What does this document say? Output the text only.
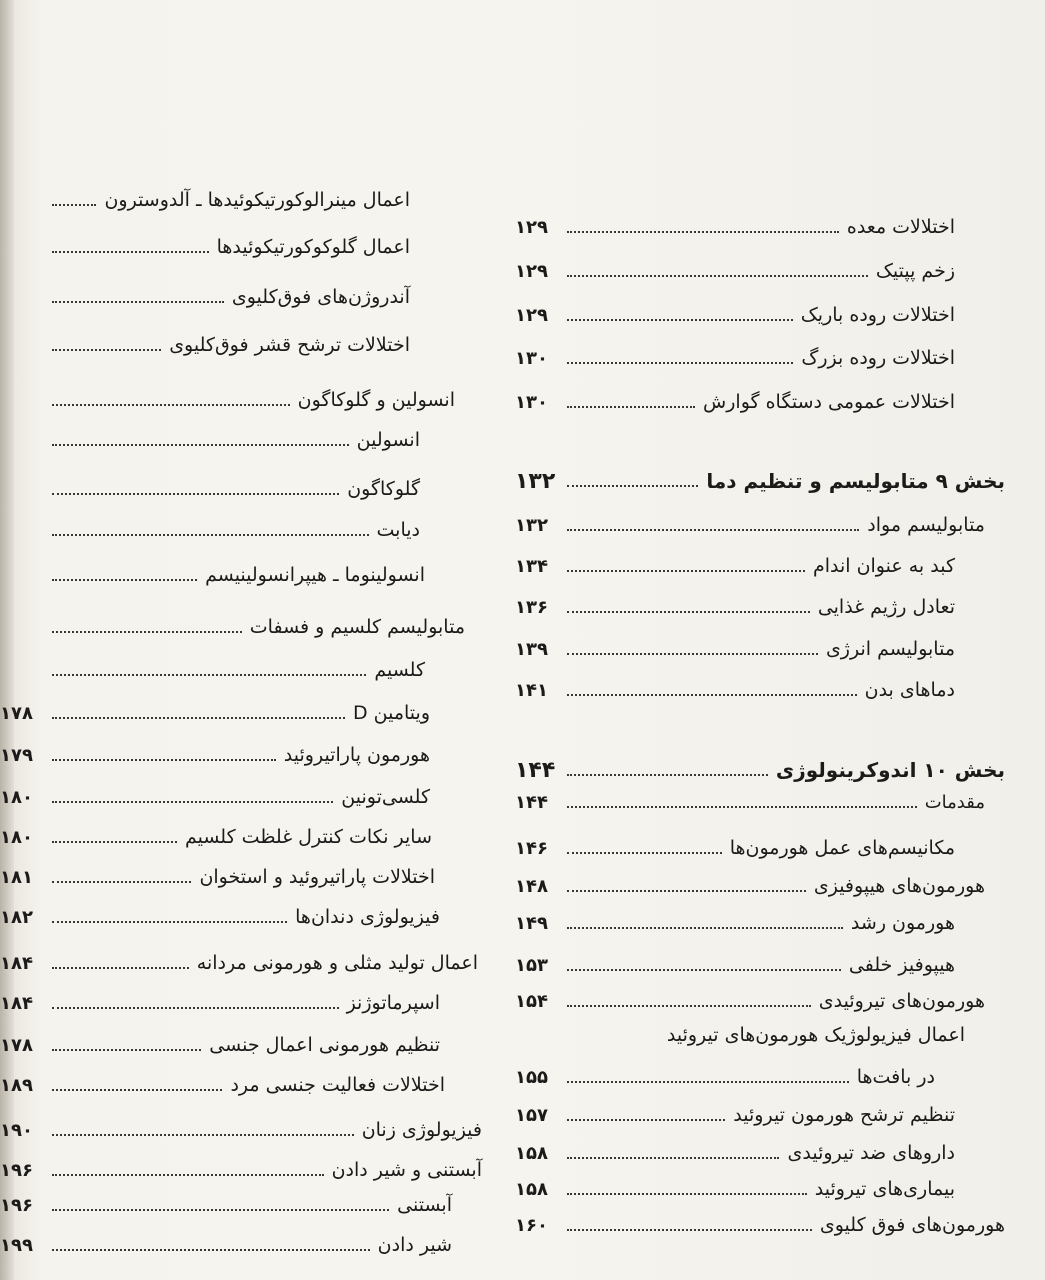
اعمال مینرالوکورتیکوئیدها ـ آلدوسترون
اعمال گلوکوکورتیکوئیدها
آندروژن‌های فوق‌کلیوی
اختلالات ترشح قشر فوق‌کلیوی
انسولین و گلوکاگون
انسولین
گلوکاگون
دیابت
انسولینوما ـ هیپرانسولینیسم
متابولیسم کلسیم و فسفات
کلسیم
ویتامین D
۱۷۸
هورمون پاراتیروئید
۱۷۹
کلسی‌تونین
۱۸۰
سایر نکات کنترل غلظت کلسیم
۱۸۰
اختلالات پاراتیروئید و استخوان
۱۸۱
فیزیولوژی دندان‌ها
۱۸۲
اعمال تولید مثلی و هورمونی مردانه
۱۸۴
اسپرماتوژنز
۱۸۴
تنظیم هورمونی اعمال جنسی
۱۷۸
اختلالات فعالیت جنسی مرد
۱۸۹
فیزیولوژی زنان
۱۹۰
آبستنی و شیر دادن
۱۹۶
آبستنی
۱۹۶
شیر دادن
۱۹۹
اختلالات معده
۱۲۹
زخم پپتیک
۱۲۹
اختلالات روده باریک
۱۲۹
اختلالات روده بزرگ
۱۳۰
اختلالات عمومی دستگاه گوارش
۱۳۰
بخش ۹ متابولیسم و تنظیم دما
۱۳۲
متابولیسم مواد
۱۳۲
کبد به عنوان اندام
۱۳۴
تعادل رژیم غذایی
۱۳۶
متابولیسم انرژی
۱۳۹
دماهای بدن
۱۴۱
بخش ۱۰ اندوکرینولوژی
۱۴۴
مقدمات
۱۴۴
مکانیسم‌های عمل هورمون‌ها
۱۴۶
هورمون‌های هیپوفیزی
۱۴۸
هورمون رشد
۱۴۹
هیپوفیز خلفی
۱۵۳
هورمون‌های تیروئیدی
۱۵۴
اعمال فیزیولوژیک هورمون‌های تیروئید
در بافت‌ها
۱۵۵
تنظیم ترشح هورمون تیروئید
۱۵۷
داروهای ضد تیروئیدی
۱۵۸
بیماری‌های تیروئید
۱۵۸
هورمون‌های فوق کلیوی
۱۶۰
